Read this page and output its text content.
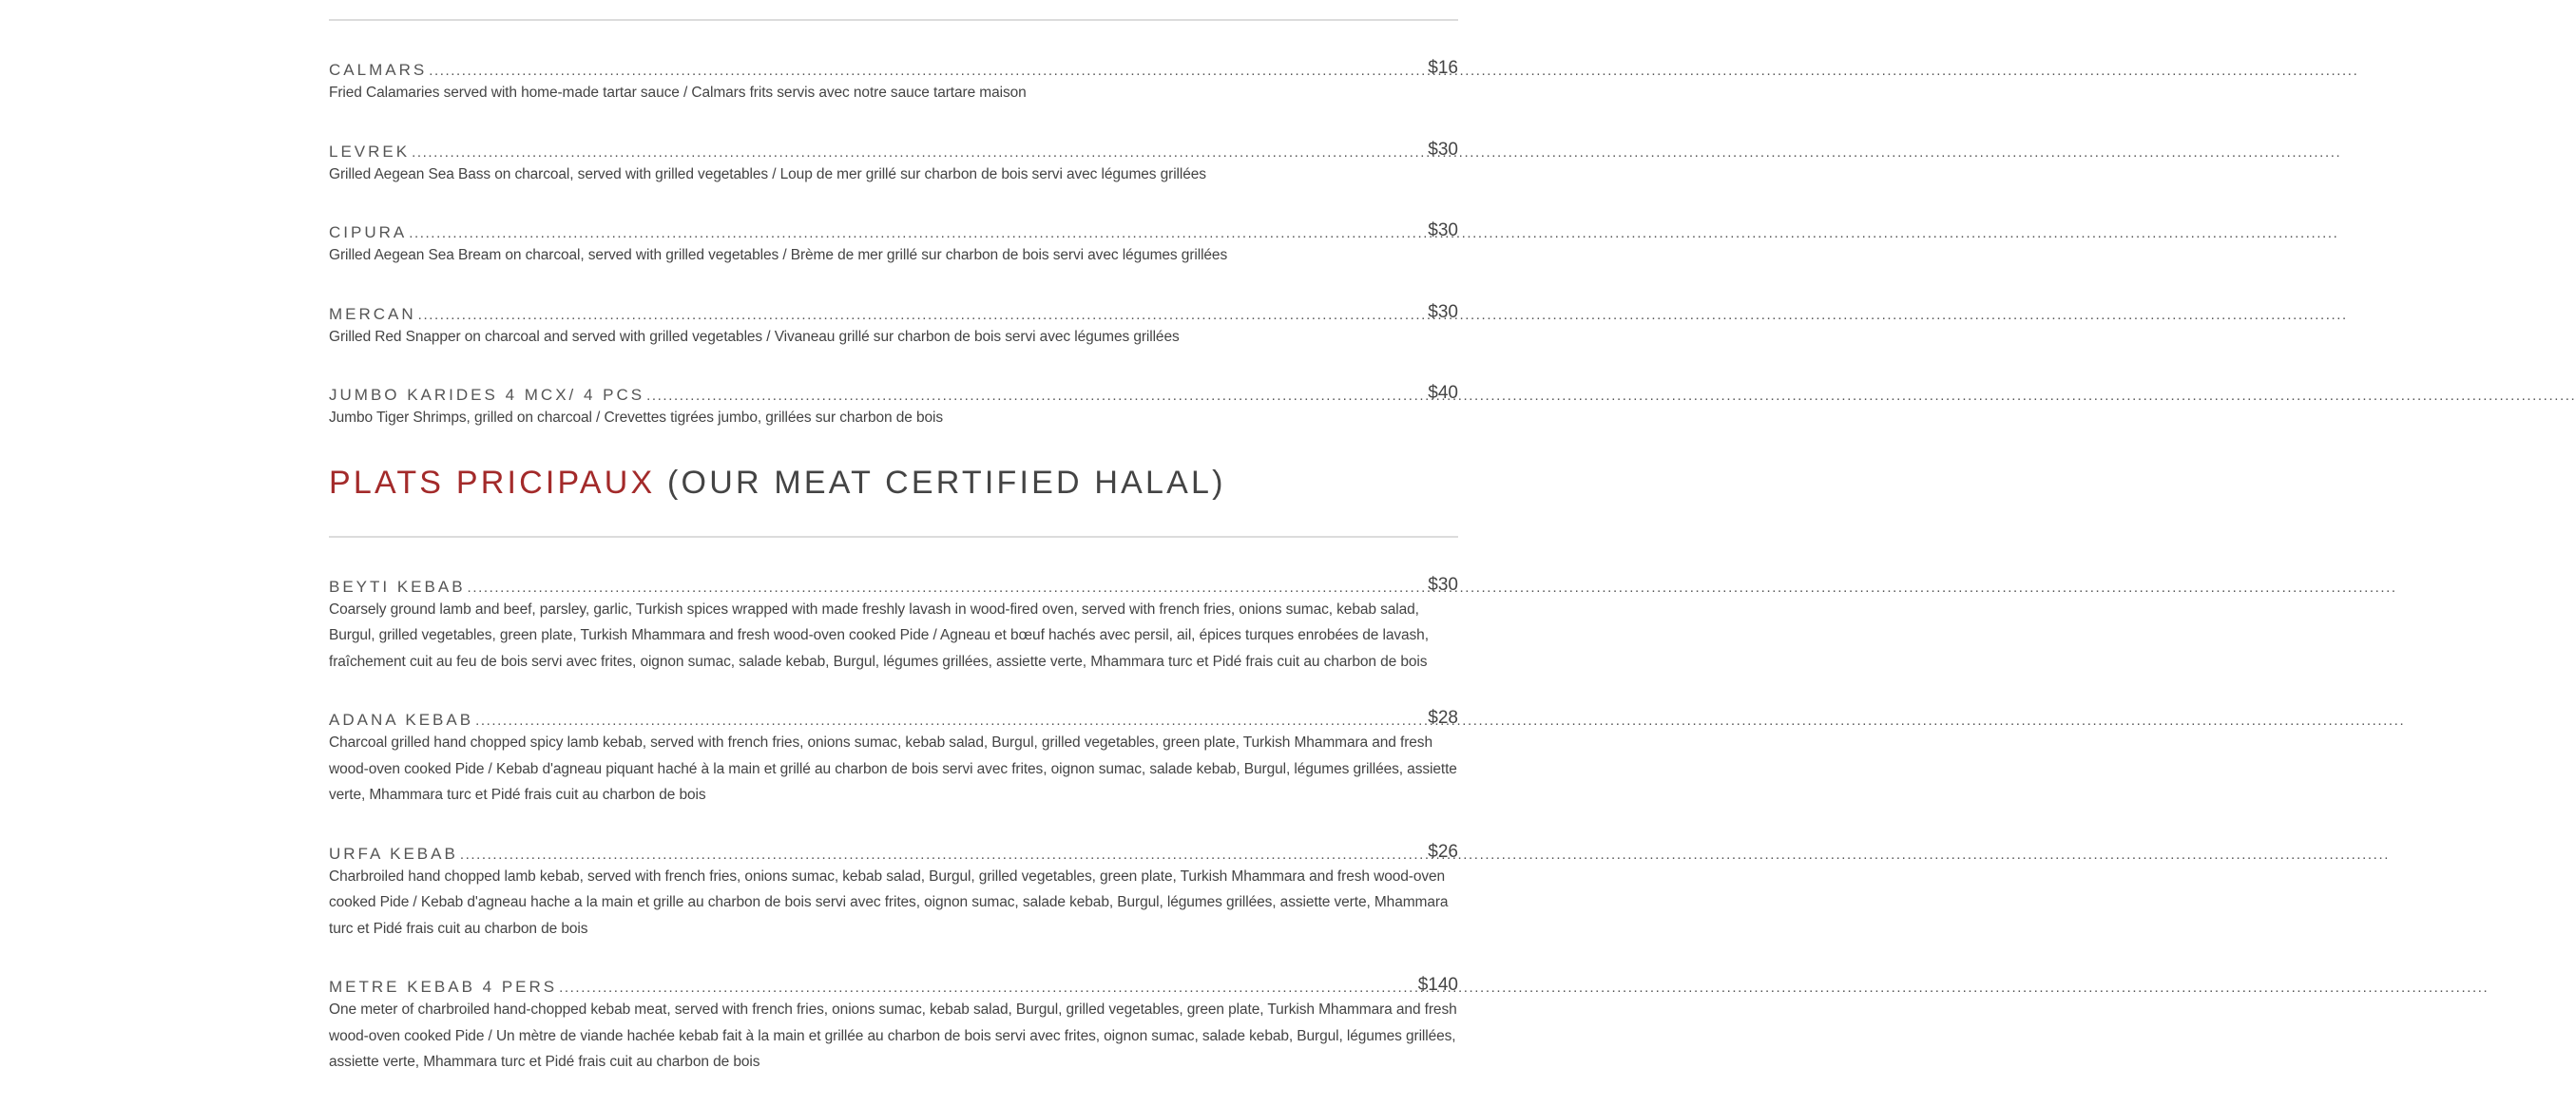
CALMARS .....	$16

Fried Calamaries served with home-made tartar sauce / Calmars frits servis avec notre sauce tartare maison

LEVREK .....	$30

Grilled Aegean Sea Bass on charcoal, served with grilled vegetables / Loup de mer grillé sur charbon de bois servi avec légumes grillées

CIPURA .....	$30

Grilled Aegean Sea Bream on charcoal, served with grilled vegetables / Brème de mer grillé sur charbon de bois servi avec légumes grillées

MERCAN .....	$30

Grilled Red Snapper on charcoal and served with grilled vegetables / Vivaneau grillé sur charbon de bois servi avec légumes grillées

JUMBO KARIDES 4 MCX/ 4 PCS .....	$40

Jumbo Tiger Shrimps, grilled on charcoal / Crevettes tigrées jumbo, grillées sur charbon de bois

PLATS PRICIPAUX (OUR MEAT CERTIFIED HALAL)
BEYTI KEBAB .....	$30

Coarsely ground lamb and beef, parsley, garlic, Turkish spices wrapped with made freshly lavash in wood-fired oven, served with french fries, onions sumac, kebab salad, Burgul, grilled vegetables, green plate, Turkish Mhammara and fresh wood-oven cooked Pide / Agneau et bœuf hachés avec persil, ail, épices turques enrobées de lavash, fraîchement cuit au feu de bois servi avec frites, oignon sumac, salade kebab, Burgul, légumes grillées, assiette verte, Mhammara turc et Pidé frais cuit au charbon de bois

ADANA KEBAB .....	$28

Charcoal grilled hand chopped spicy lamb kebab, served with french fries, onions sumac, kebab salad, Burgul, grilled vegetables, green plate, Turkish Mhammara and fresh wood-oven cooked Pide / Kebab d'agneau piquant haché à la main et grillé au charbon de bois servi avec frites, oignon sumac, salade kebab, Burgul, légumes grillées, assiette verte, Mhammara turc et Pidé frais cuit au charbon de bois

URFA KEBAB .....	$26

Charbroiled hand chopped lamb kebab, served with french fries, onions sumac, kebab salad, Burgul, grilled vegetables, green plate, Turkish Mhammara and fresh wood-oven cooked Pide / Kebab d'agneau hache a la main et grille au charbon de bois servi avec frites, oignon sumac, salade kebab, Burgul, légumes grillées, assiette verte, Mhammara turc et Pidé frais cuit au charbon de bois

METRE KEBAB 4 PERS .....	$140

One meter of charbroiled hand-chopped kebab meat, served with french fries, onions sumac, kebab salad, Burgul, grilled vegetables, green plate, Turkish Mhammara and fresh wood-oven cooked Pide / Un mètre de viande hachée kebab fait à la main et grillée au charbon de bois servi avec frites, oignon sumac, salade kebab, Burgul, légumes grillées, assiette verte, Mhammara turc et Pidé frais cuit au charbon de bois
